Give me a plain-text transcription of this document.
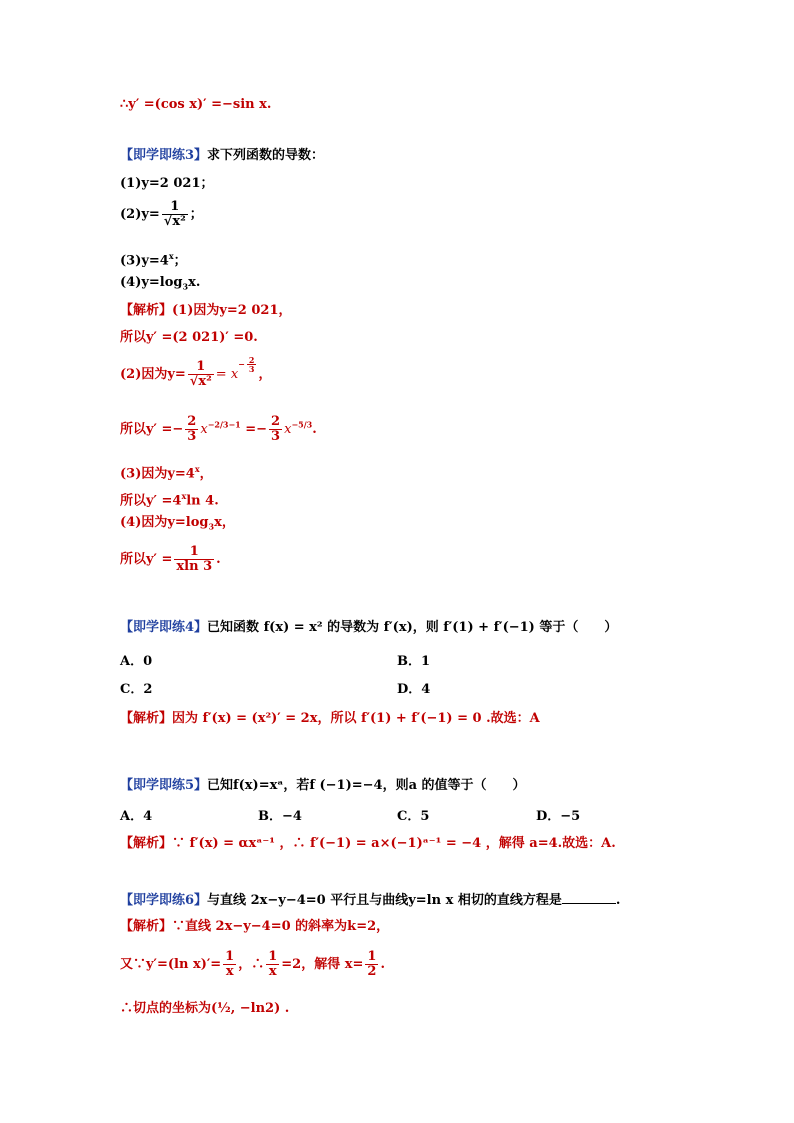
∴y′ =(cos x)′ =−sin x.
【即学即练3】求下列函数的导数：
(1)y=2 021；
$(2)y= \frac{1}{\text{√x²}}$ ；
$(3)y=4^x$；
$(4)y=\log_3x$.
【解析】(1)因为y=2 021，
所以y′ =(2 021)′ =0.
(2)因为$y= \frac{1}{\text{√x²}} = x^{- \frac{2}{3}}$
，
所以$y' =- \frac{2}{3} x^{-2/3-1} =- \frac{2}{3} x^{-5/3}$.
(3)因为$y=4^x$，
所以$y' =4^x\ln$ 4.
(4)因为$y=\log_3x$，
所以$y' = \frac{1}{xln 3}$ .
【即学即练4】已知函数 f(x) = x² 的导数为 f′(x)，则 f′(1) + f′(−1) 等于（　　）
A．0	B．1
C．2	D．4
【解析】因为 f′(x) = (x²)′ = 2x，所以 f′(1) + f′(−1) = 0 .故选：A
【即学即练5】已知f(x)=xᵃ，若f (−1)=−4，则a 的值等于（　　）
A．4	B．−4	C．5	D．−5
【解析】∵ f′(x) = αxᵃ⁻¹ ，∴ f′(−1) = a×(−1)ᵃ⁻¹ = −4 ，解得 a=4.故选：A.
【即学即练6】与直线 2x−y−4=0 平行且与曲线y=ln x 相切的直线方程是	.
【解析】∵直线 2x−y−4=0 的斜率为k=2，
又∵y′=(ln $x)'= \frac{1}{x}$ ，∴ $\frac{1}{x} =2$，解得 $x= \frac{1}{2}$ .
∴切点的坐标为(½, −ln2) .
